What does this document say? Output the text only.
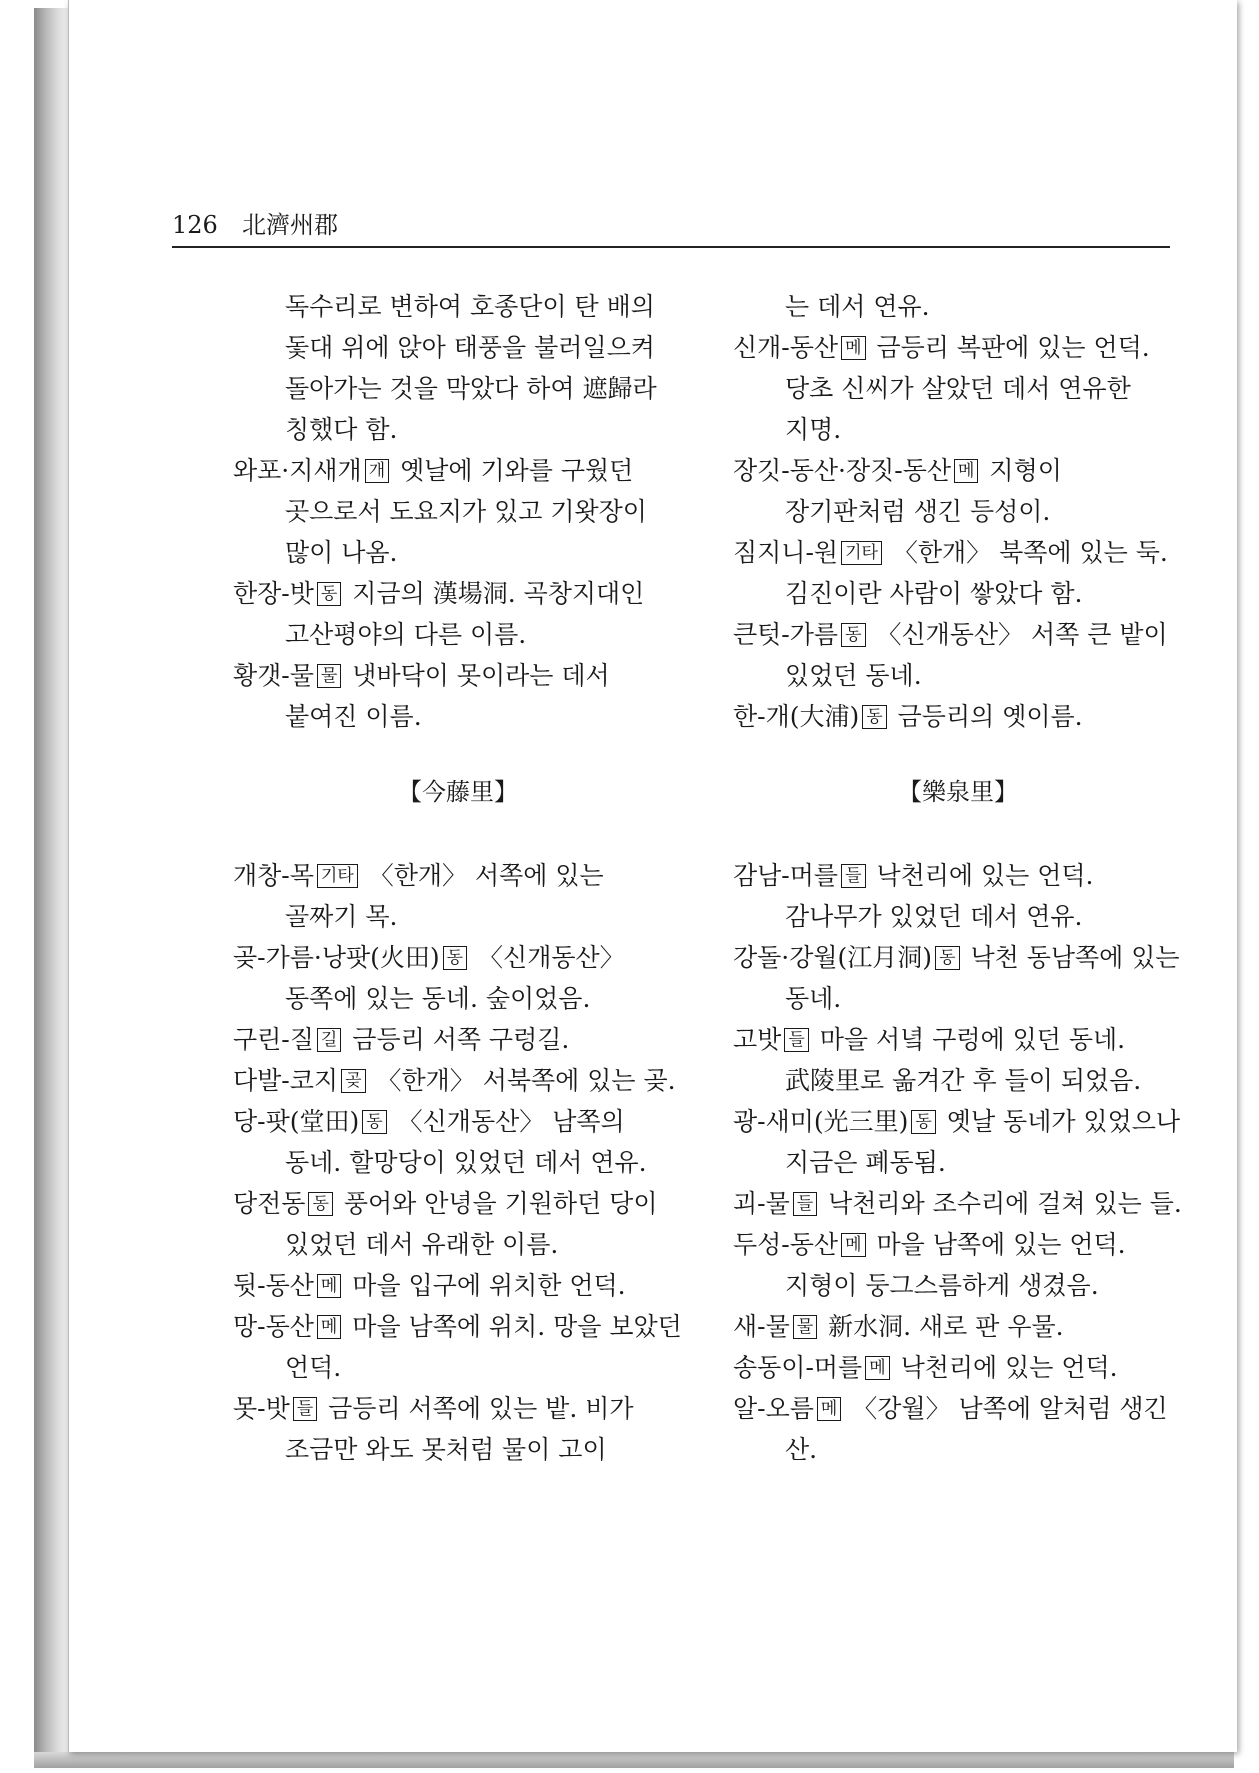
126 北濟州郡

독수리로 변하여 호종단이 탄 배의 돛대 위에 앉아 태풍을 불러일으켜 돌아가는 것을 막았다 하여 遮歸라 칭했다 함.

와포·지새개 개 옛날에 기와를 구웠던 곳으로서 도요지가 있고 기왓장이 많이 나옴.

한장-밧 동 지금의 漢場洞. 곡창지대인 고산평야의 다른 이름.

황갯-물 물 냇바닥이 못이라는 데서 붙여진 이름.

【今藤里】

개창-목 기타 〈한개〉 서쪽에 있는 골짜기 목.

곶-가름·낭팟(火田) 동 〈신개동산〉 동쪽에 있는 동네. 숲이었음.

구린-질 길 금등리 서쪽 구렁길.

다발-코지 곶 〈한개〉 서북쪽에 있는 곶.

당-팟(堂田) 동 〈신개동산〉 남쪽의 동네. 할망당이 있었던 데서 연유.

당전동 동 풍어와 안녕을 기원하던 당이 있었던 데서 유래한 이름.

뒷-동산 메 마을 입구에 위치한 언덕.

망-동산 메 마을 남쪽에 위치. 망을 보았던 언덕.

못-밧 들 금등리 서쪽에 있는 밭. 비가 조금만 와도 못처럼 물이 고이

는 데서 연유.

신개-동산 메 금등리 복판에 있는 언덕. 당초 신씨가 살았던 데서 연유한 지명.

장깃-동산·장짓-동산 메 지형이 장기판처럼 생긴 등성이.

짐지니-원 기타 〈한개〉 북쪽에 있는 둑. 김진이란 사람이 쌓았다 함.

큰텃-가름 동 〈신개동산〉 서쪽 큰 밭이 있었던 동네.

한-개(大浦) 동 금등리의 옛이름.

【樂泉里】

감남-머를 들 낙천리에 있는 언덕. 감나무가 있었던 데서 연유.

강돌·강월(江月洞) 동 낙천 동남쪽에 있는 동네.

고밧 들 마을 서녘 구렁에 있던 동네. 武陵里로 옮겨간 후 들이 되었음.

광-새미(光三里) 동 옛날 동네가 있었으나 지금은 폐동됨.

괴-물 들 낙천리와 조수리에 걸쳐 있는 들.

두성-동산 메 마을 남쪽에 있는 언덕. 지형이 둥그스름하게 생겼음.

새-물 물 新水洞. 새로 판 우물.

송동이-머를 메 낙천리에 있는 언덕.

알-오름 메 〈강월〉 남쪽에 알처럼 생긴 산.
